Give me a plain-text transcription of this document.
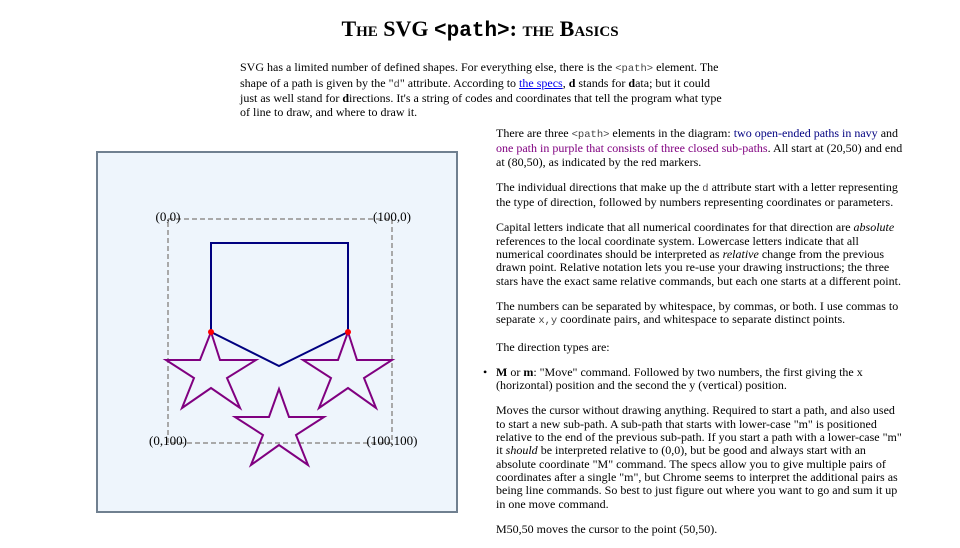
The SVG <path>: the Basics

SVG has a limited number of defined shapes. For everything else, there is the <path> element. The shape of a path is given by the "d" attribute. According to the specs, d stands for data; but it could just as well stand for directions. It's a string of codes and coordinates that tell the program what type of line to draw, and where to draw it.

(0,0)	(100,0)
(0,100)	(100,100)

There are three <path> elements in the diagram: two open-ended paths in navy and one path in purple that consists of three closed sub-paths. All start at (20,50) and end at (80,50), as indicated by the red markers.

The individual directions that make up the d attribute start with a letter representing the type of direction, followed by numbers representing coordinates or parameters.

Capital letters indicate that all numerical coordinates for that direction are absolute references to the local coordinate system. Lowercase letters indicate that all numerical coordinates should be interpreted as relative change from the previous drawn point. Relative notation lets you re-use your drawing instructions; the three stars have the exact same relative commands, but each one starts at a different point.

The numbers can be separated by whitespace, by commas, or both. I use commas to separate x,y coordinate pairs, and whitespace to separate distinct points.

The direction types are:

• M or m: "Move" command. Followed by two numbers, the first giving the x (horizontal) position and the second the y (vertical) position.

Moves the cursor without drawing anything. Required to start a path, and also used to start a new sub-path. A sub-path that starts with lower-case "m" is positioned relative to the end of the previous sub-path. If you start a path with a lower-case "m" it should be interpreted relative to (0,0), but be good and always start with an absolute coordinate "M" command. The specs allow you to give multiple pairs of coordinates after a single "m", but Chrome seems to interpret the additional pairs as being line commands. So best to just figure out where you want to go and sum it up in one move command.

M50,50 moves the cursor to the point (50,50).
